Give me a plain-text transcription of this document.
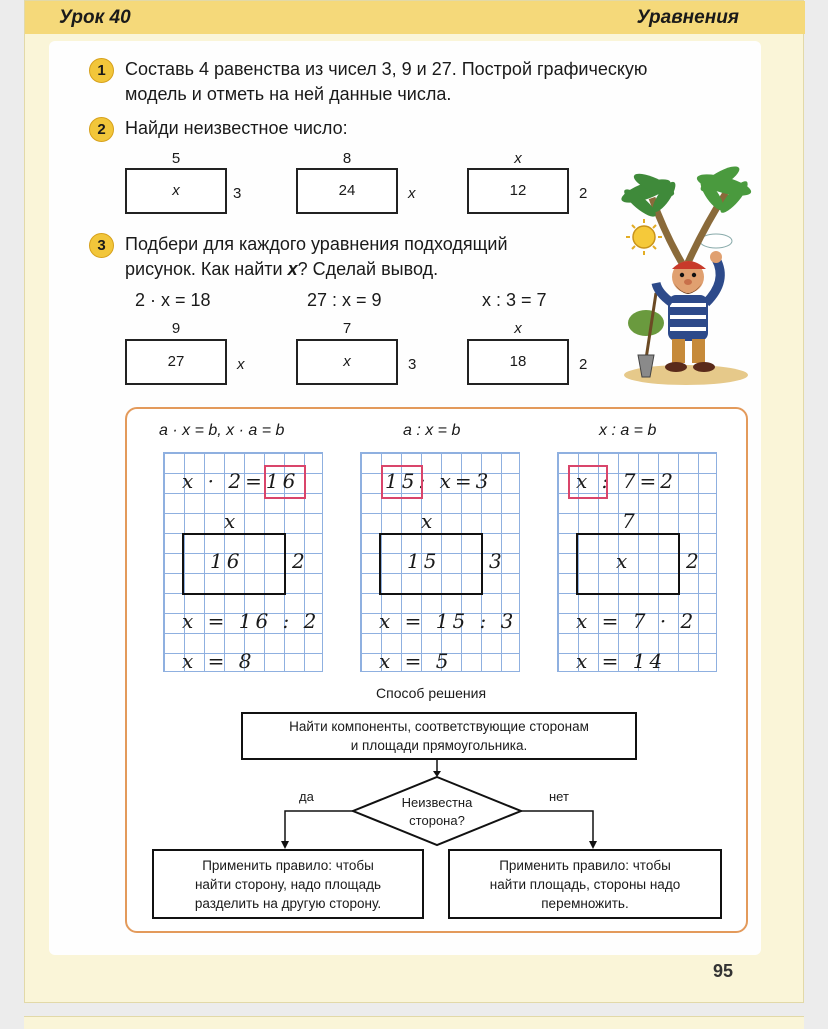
Урок 40	Уравнения
1	Составь 4 равенства из чисел 3, 9 и 27. Построй графическую
модель и отметь на ней данные числа.
2	Найди неизвестное число:
5
x	3
8
24	x
x
12	2
3	Подбери для каждого уравнения подходящий
рисунок. Как найти x? Сделай вывод.
2 · x = 18	27 : x = 9	x : 3 = 7
9
27	x
7
x	3
x
18	2
a · x = b, x · a = b	a : x = b	x : a = b
x · 2=16
x
16 2
x = 16 : 2
x = 8
15: x=3
x
15 3
x = 15 : 3
x = 5
x : 7=2
7
x	2
x = 7 · 2
x = 14
Способ решения
Найти компоненты, соответствующие сторонам
и площади прямоугольника.
Неизвестна
сторона?
да	нет
Применить правило: чтобы
найти сторону, надо площадь
разделить на другую сторону.
Применить правило: чтобы
найти площадь, стороны надо
перемножить.
95
